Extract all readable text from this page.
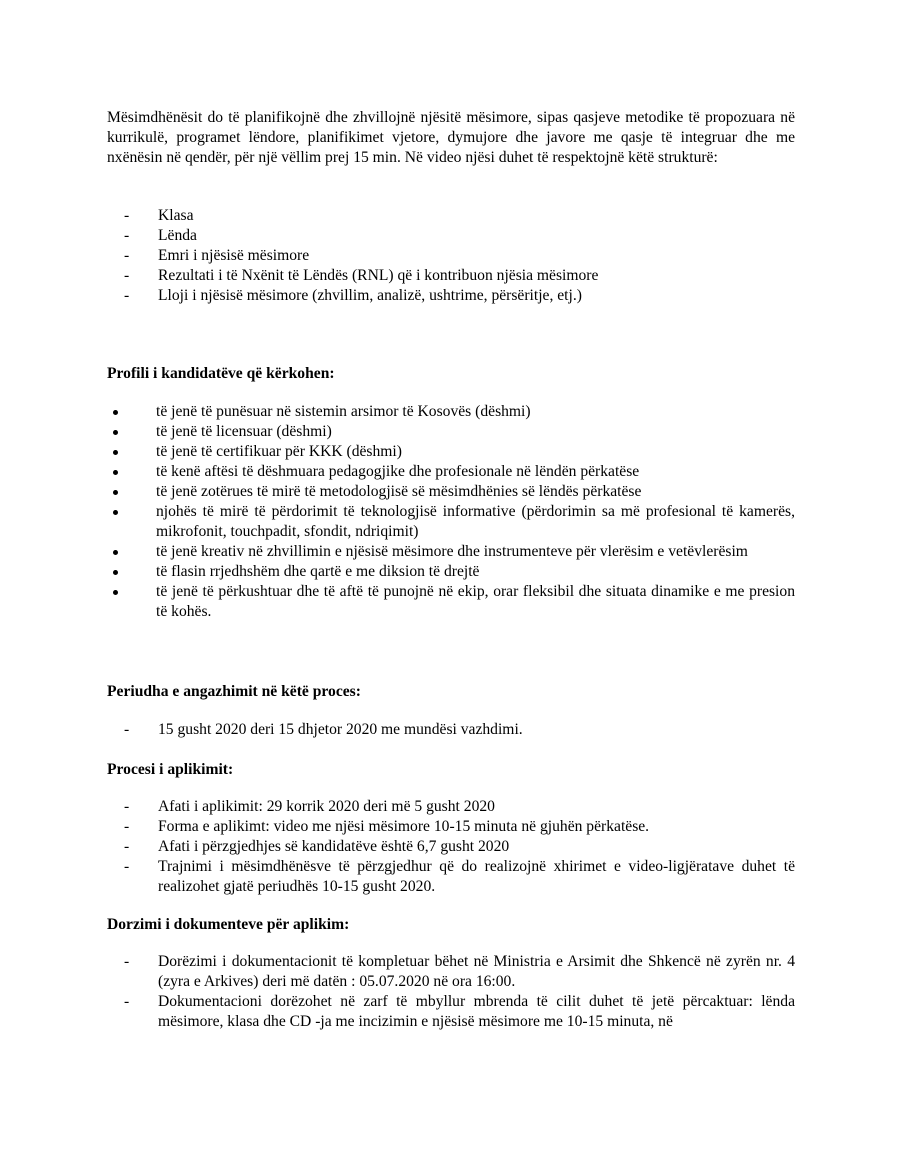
Mësimdhënësit do të planifikojnë dhe zhvillojnë njësitë mësimore, sipas qasjeve metodike të propozuara në kurrikulë, programet lëndore, planifikimet vjetore, dymujore dhe javore me qasje të integruar dhe me nxënësin në qendër, për një vëllim prej 15 min. Në video njësi duhet të respektojnë këtë strukturë:

- Klasa
- Lënda
- Emri i njësisë mësimore
- Rezultati i të Nxënit të Lëndës (RNL) që i kontribuon njësia mësimore
- Lloji i njësisë mësimore (zhvillim, analizë, ushtrime, përsëritje, etj.)
Profili i kandidatëve që kërkohen:
të jenë të punësuar në sistemin arsimor të Kosovës (dëshmi)
të jenë të licensuar (dëshmi)
të jenë të certifikuar për KKK (dëshmi)
të kenë aftësi të dëshmuara pedagogjike dhe profesionale në lëndën përkatëse
të jenë zotërues të mirë të metodologjisë së mësimdhënies së lëndës përkatëse
njohës të mirë të përdorimit të teknologjisë informative (përdorimin sa më profesional të kamerës, mikrofonit, touchpadit, sfondit, ndriqimit)
të jenë kreativ në zhvillimin e njësisë mësimore dhe instrumenteve për vlerësim e vetëvlerësim
të flasin rrjedhshëm dhe qartë e me diksion të drejtë
të jenë të përkushtuar dhe të aftë të punojnë në ekip, orar fleksibil dhe situata dinamike e me presion të kohës.
Periudha e angazhimit në këtë proces:
- 15 gusht 2020 deri 15 dhjetor 2020 me mundësi vazhdimi.
Procesi i aplikimit:
- Afati i aplikimit: 29 korrik 2020 deri më 5 gusht 2020
- Forma e aplikimt: video me njësi mësimore 10-15 minuta në gjuhën përkatëse.
- Afati i përzgjedhjes së kandidatëve është 6,7 gusht 2020
- Trajnimi i mësimdhënësve të përzgjedhur që do realizojnë xhirimet e video-ligjëratave duhet të realizohet gjatë periudhës 10-15 gusht 2020.
Dorzimi i dokumenteve për aplikim:
- Dorëzimi i dokumentacionit të kompletuar bëhet në Ministria e Arsimit dhe Shkencë në zyrën nr. 4 (zyra e Arkives) deri më datën : 05.07.2020 në ora 16:00.
- Dokumentacioni dorëzohet në zarf të mbyllur mbrenda të cilit duhet të jetë përcaktuar: lënda mësimore, klasa dhe CD -ja me incizimin e njësisë mësimore me 10-15 minuta, në
